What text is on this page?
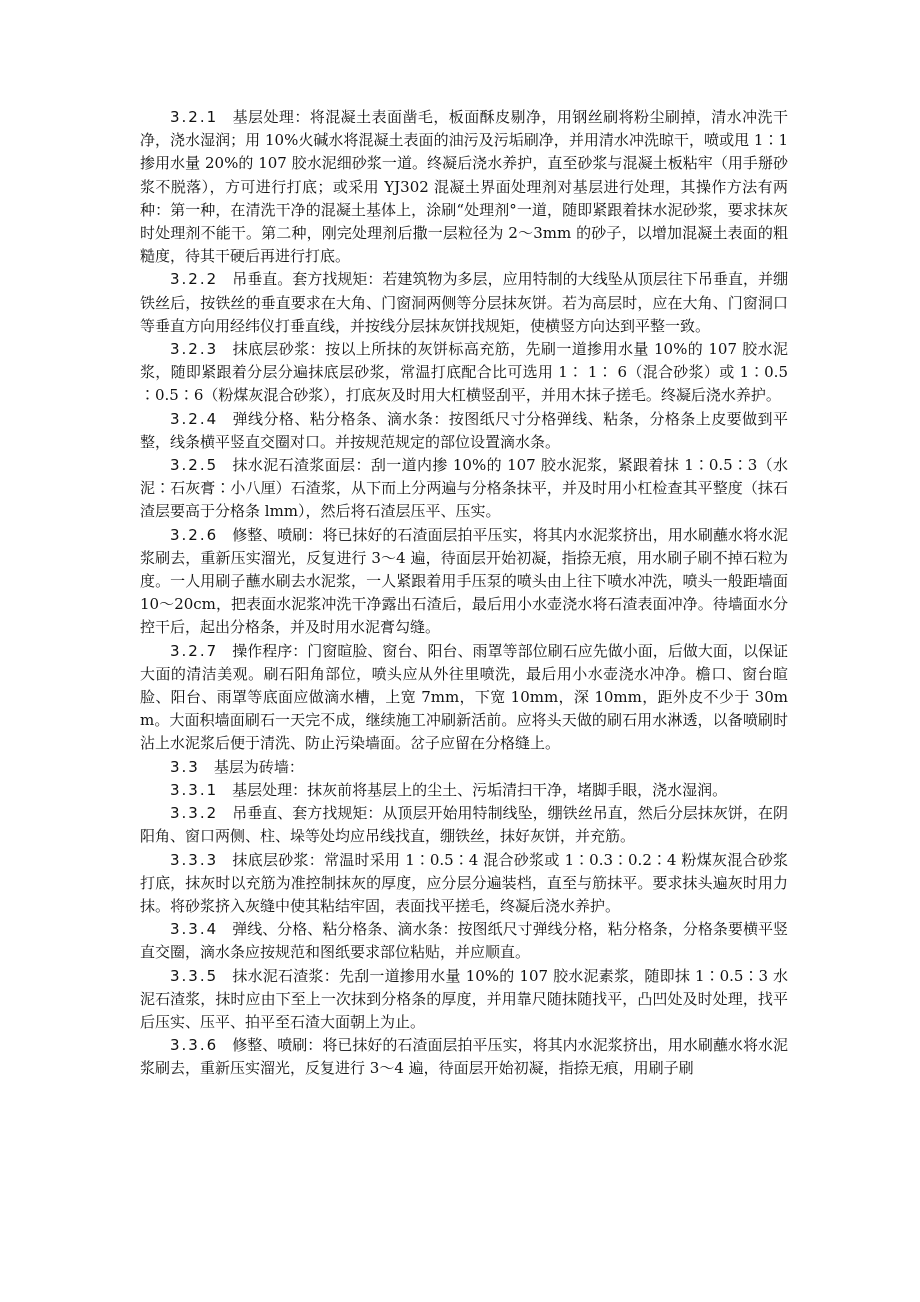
3.2.1 基层处理：将混凝土表面凿毛，板面酥皮剔净，用钢丝刷将粉尘刷掉，清水冲洗干净，浇水湿润；用 10%火碱水将混凝土表面的油污及污垢刷净，并用清水冲洗晾干，喷或甩 1∶1 掺用水量 20%的 107 胶水泥细砂浆一道。终凝后浇水养护，直至砂浆与混凝土板粘牢（用手掰砂浆不脱落），方可进行打底；或采用 YJ302 混凝土界面处理剂对基层进行处理，其操作方法有两种：第一种，在清洗干净的混凝土基体上，涂刷“处理剂°一道，随即紧跟着抹水泥砂浆，要求抹灰时处理剂不能干。第二种，刚完处理剂后撒一层粒径为 2～3mm 的砂子，以增加混凝土表面的粗糙度，待其干硬后再进行打底。

3.2.2 吊垂直。套方找规矩：若建筑物为多层，应用特制的大线坠从顶层往下吊垂直，并绷铁丝后，按铁丝的垂直要求在大角、门窗洞两侧等分层抹灰饼。若为高层时，应在大角、门窗洞口等垂直方向用经纬仪打垂直线，并按线分层抹灰饼找规矩，使横竖方向达到平整一致。

3.2.3 抹底层砂浆：按以上所抹的灰饼标高充筋，先刷一道掺用水量 10%的 107 胶水泥浆，随即紧跟着分层分遍抹底层砂浆，常温打底配合比可选用 1∶ 1∶ 6（混合砂浆）或 1∶0.5∶0.5∶6（粉煤灰混合砂浆），打底灰及时用大杠横竖刮平，并用木抹子搓毛。终凝后浇水养护。

3.2.4 弹线分格、粘分格条、滴水条：按图纸尺寸分格弹线、粘条，分格条上皮要做到平整，线条横平竖直交圈对口。并按规范规定的部位设置滴水条。

3.2.5 抹水泥石渣浆面层：刮一道内掺 10%的 107 胶水泥浆，紧跟着抹 1∶0.5∶3（水泥∶石灰膏∶小八厘）石渣浆，从下而上分两遍与分格条抹平，并及时用小杠检查其平整度（抹石渣层要高于分格条 lmm），然后将石渣层压平、压实。

3.2.6 修整、喷刷：将已抹好的石渣面层拍平压实，将其内水泥浆挤出，用水刷蘸水将水泥浆刷去，重新压实溜光，反复进行 3～4 遍，待面层开始初凝，指捺无痕，用水刷子刷不掉石粒为度。一人用刷子蘸水刷去水泥浆，一人紧跟着用手压泵的喷头由上往下喷水冲洗，喷头一般距墙面 10～20cm，把表面水泥浆冲洗干净露出石渣后，最后用小水壶浇水将石渣表面冲净。待墙面水分控干后，起出分格条，并及时用水泥膏勾缝。

3.2.7 操作程序：门窗暄脸、窗台、阳台、雨罩等部位刷石应先做小面，后做大面，以保证大面的清洁美观。刷石阳角部位，喷头应从外往里喷洗，最后用小水壶浇水冲净。檐口、窗台暄脸、阳台、雨罩等底面应做滴水槽，上宽 7mm，下宽 10mm，深 10mm，距外皮不少于 30mm。大面积墙面刷石一天完不成，继续施工冲刷新活前。应将头天做的刷石用水淋透，以备喷刷时沾上水泥浆后便于清洗、防止污染墙面。岔子应留在分格缝上。

3.3 基层为砖墙：

3.3.1 基层处理：抹灰前将基层上的尘土、污垢清扫干净，堵脚手眼，浇水湿润。

3.3.2 吊垂直、套方找规矩：从顶层开始用特制线坠，绷铁丝吊直，然后分层抹灰饼，在阴阳角、窗口两侧、柱、垛等处均应吊线找直，绷铁丝，抹好灰饼，并充筋。

3.3.3 抹底层砂浆：常温时采用 1∶0.5∶4 混合砂浆或 1∶0.3∶0.2∶4 粉煤灰混合砂浆打底，抹灰时以充筋为准控制抹灰的厚度，应分层分遍装档，直至与筋抹平。要求抹头遍灰时用力抹。将砂浆挤入灰缝中使其粘结牢固，表面找平搓毛，终凝后浇水养护。

3.3.4 弹线、分格、粘分格条、滴水条：按图纸尺寸弹线分格，粘分格条，分格条要横平竖直交圈，滴水条应按规范和图纸要求部位粘贴，并应顺直。

3.3.5 抹水泥石渣浆：先刮一道掺用水量 10%的 107 胶水泥素浆，随即抹 1∶0.5∶3 水泥石渣浆，抹时应由下至上一次抹到分格条的厚度，并用靠尺随抹随找平，凸凹处及时处理，找平后压实、压平、拍平至石渣大面朝上为止。

3.3.6 修整、喷刷：将已抹好的石渣面层拍平压实，将其内水泥浆挤出，用水刷蘸水将水泥浆刷去，重新压实溜光，反复进行 3～4 遍，待面层开始初凝，指捺无痕，用刷子刷
